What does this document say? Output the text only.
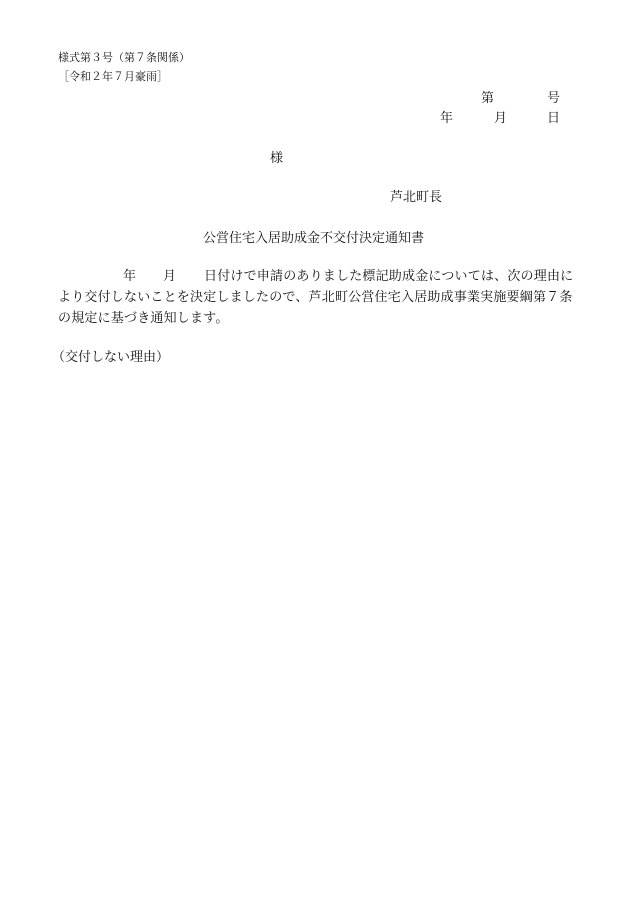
様式第３号（第７条関係）
［令和２年７月豪雨］
第	号
年	月	日
様
芦北町長
公営住宅入居助成金不交付決定通知書
年 月 日付けで申請のありました標記助成金については、次の理由に
より交付しないことを決定しましたので、芦北町公営住宅入居助成事業実施要綱第７条
の規定に基づき通知します。
（交付しない理由）
